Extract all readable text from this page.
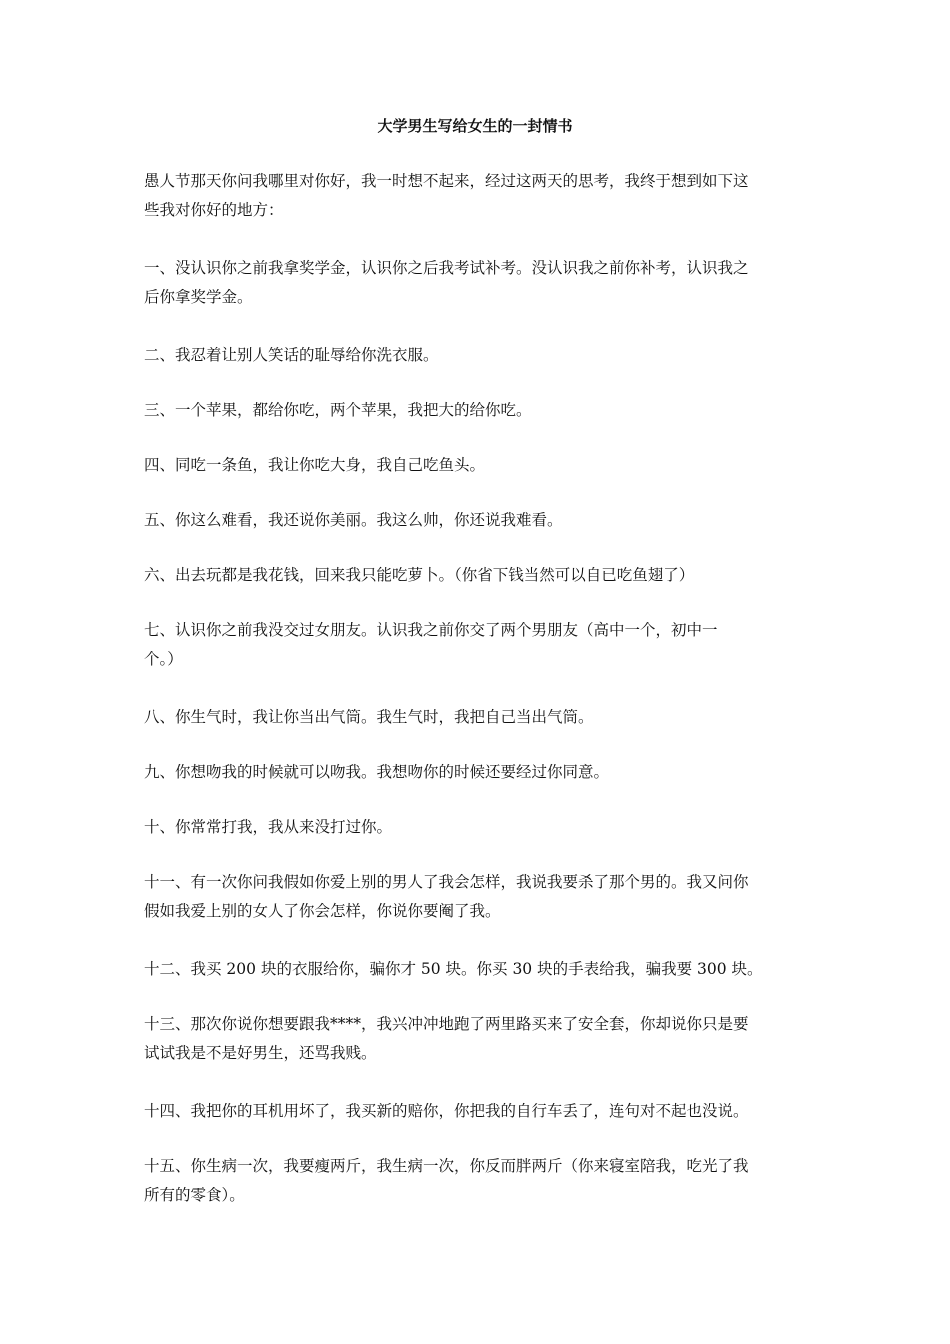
大学男生写给女生的一封情书
愚人节那天你问我哪里对你好，我一时想不起来，经过这两天的思考，我终于想到如下这
些我对你好的地方：
一、没认识你之前我拿奖学金，认识你之后我考试补考。没认识我之前你补考，认识我之
后你拿奖学金。
二、我忍着让别人笑话的耻辱给你洗衣服。
三、一个苹果，都给你吃，两个苹果，我把大的给你吃。
四、同吃一条鱼，我让你吃大身，我自己吃鱼头。
五、你这么难看，我还说你美丽。我这么帅，你还说我难看。
六、出去玩都是我花钱，回来我只能吃萝卜。（你省下钱当然可以自已吃鱼翅了）
七、认识你之前我没交过女朋友。认识我之前你交了两个男朋友（高中一个，初中一
个。）
八、你生气时，我让你当出气筒。我生气时，我把自己当出气筒。
九、你想吻我的时候就可以吻我。我想吻你的时候还要经过你同意。
十、你常常打我，我从来没打过你。
十一、有一次你问我假如你爱上别的男人了我会怎样，我说我要杀了那个男的。我又问你
假如我爱上别的女人了你会怎样，你说你要阉了我。
十二、我买 200 块的衣服给你，骗你才 50 块。你买 30 块的手表给我，骗我要 300 块。
十三、那次你说你想要跟我****，我兴冲冲地跑了两里路买来了安全套，你却说你只是要
试试我是不是好男生，还骂我贱。
十四、我把你的耳机用坏了，我买新的赔你，你把我的自行车丢了，连句对不起也没说。
十五、你生病一次，我要瘦两斤，我生病一次，你反而胖两斤（你来寝室陪我，吃光了我
所有的零食）。
